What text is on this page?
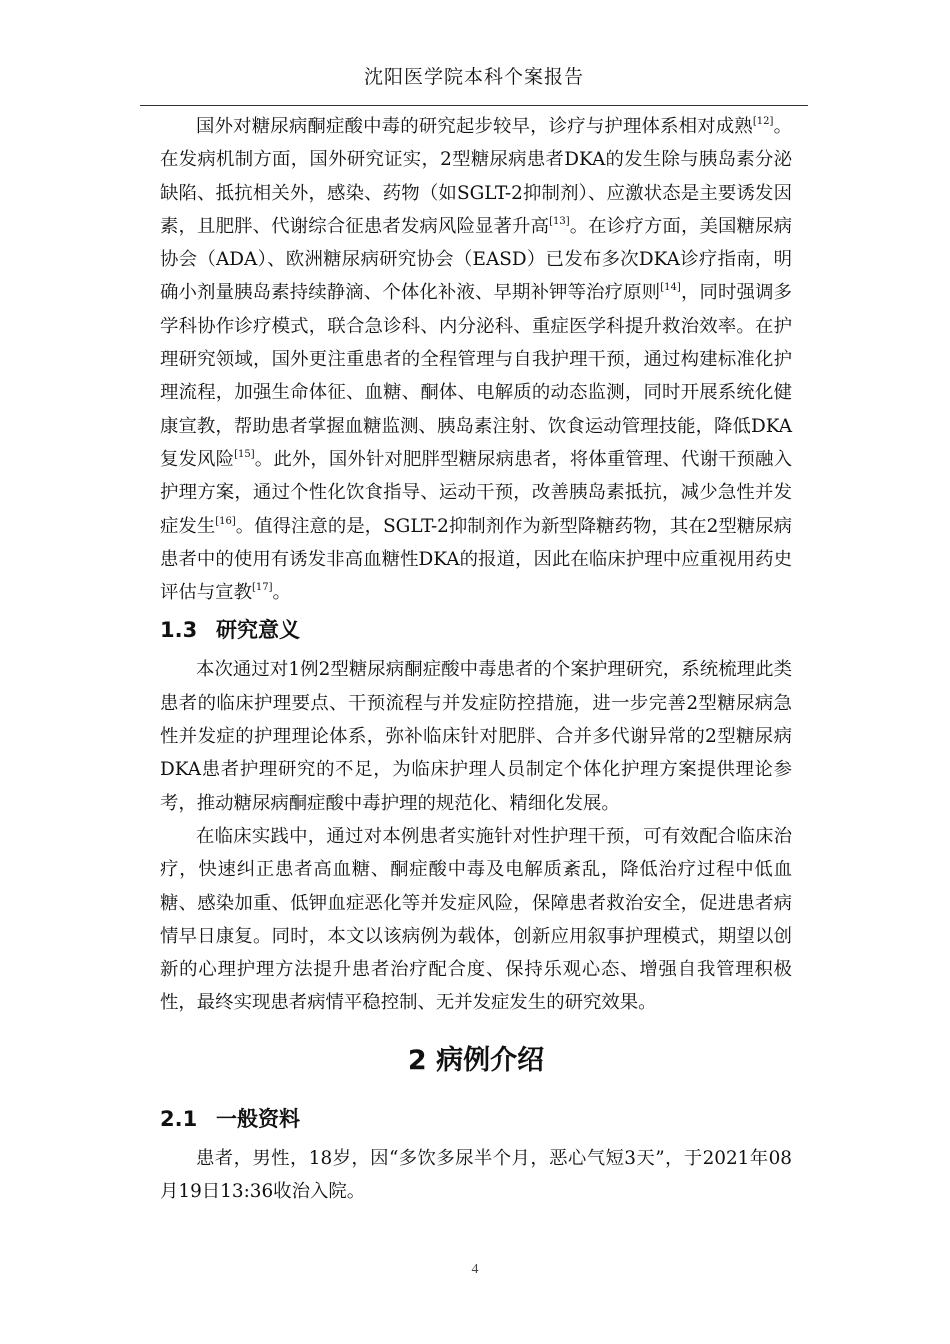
沈阳医学院本科个案报告

国外对糖尿病酮症酸中毒的研究起步较早，诊疗与护理体系相对成熟[12]。在发病机制方面，国外研究证实，2型糖尿病患者DKA的发生除与胰岛素分泌缺陷、抵抗相关外，感染、药物（如SGLT-2抑制剂）、应激状态是主要诱发因素，且肥胖、代谢综合征患者发病风险显著升高[13]。在诊疗方面，美国糖尿病协会（ADA）、欧洲糖尿病研究协会（EASD）已发布多次DKA诊疗指南，明确小剂量胰岛素持续静滴、个体化补液、早期补钾等治疗原则[14]，同时强调多学科协作诊疗模式，联合急诊科、内分泌科、重症医学科提升救治效率。在护理研究领域，国外更注重患者的全程管理与自我护理干预，通过构建标准化护理流程，加强生命体征、血糖、酮体、电解质的动态监测，同时开展系统化健康宣教，帮助患者掌握血糖监测、胰岛素注射、饮食运动管理技能，降低DKA复发风险[15]。此外，国外针对肥胖型糖尿病患者，将体重管理、代谢干预融入护理方案，通过个性化饮食指导、运动干预，改善胰岛素抵抗，减少急性并发症发生[16]。值得注意的是，SGLT-2抑制剂作为新型降糖药物，其在2型糖尿病患者中的使用有诱发非高血糖性DKA的报道，因此在临床护理中应重视用药史评估与宣教[17]。

1.3 研究意义

本次通过对1例2型糖尿病酮症酸中毒患者的个案护理研究，系统梳理此类患者的临床护理要点、干预流程与并发症防控措施，进一步完善2型糖尿病急性并发症的护理理论体系，弥补临床针对肥胖、合并多代谢异常的2型糖尿病DKA患者护理研究的不足，为临床护理人员制定个体化护理方案提供理论参考，推动糖尿病酮症酸中毒护理的规范化、精细化发展。

在临床实践中，通过对本例患者实施针对性护理干预，可有效配合临床治疗，快速纠正患者高血糖、酮症酸中毒及电解质紊乱，降低治疗过程中低血糖、感染加重、低钾血症恶化等并发症风险，保障患者救治安全，促进患者病情早日康复。同时，本文以该病例为载体，创新应用叙事护理模式，期望以创新的心理护理方法提升患者治疗配合度、保持乐观心态、增强自我管理积极性，最终实现患者病情平稳控制、无并发症发生的研究效果。

2 病例介绍
2.1 一般资料

患者，男性，18岁，因“多饮多尿半个月，恶心气短3天”，于2021年08月19日13:36收治入院。

4
